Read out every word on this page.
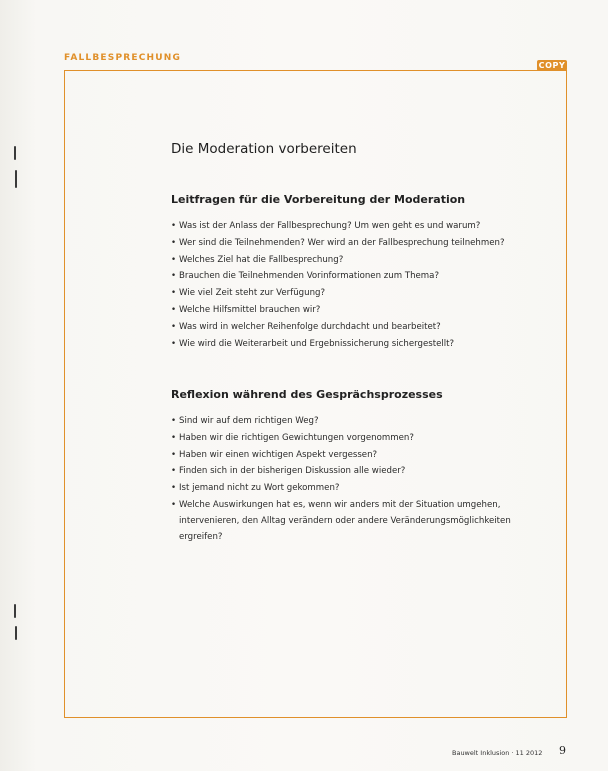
FALLBESPRECHUNG
COPY
Die Moderation vorbereiten
Leitfragen für die Vorbereitung der Moderation
• Was ist der Anlass der Fallbesprechung? Um wen geht es und warum?
• Wer sind die Teilnehmenden? Wer wird an der Fallbesprechung teilnehmen?
• Welches Ziel hat die Fallbesprechung?
• Brauchen die Teilnehmenden Vorinformationen zum Thema?
• Wie viel Zeit steht zur Verfügung?
• Welche Hilfsmittel brauchen wir?
• Was wird in welcher Reihenfolge durchdacht und bearbeitet?
• Wie wird die Weiterarbeit und Ergebnissicherung sichergestellt?
Reflexion während des Gesprächsprozesses
• Sind wir auf dem richtigen Weg?
• Haben wir die richtigen Gewichtungen vorgenommen?
• Haben wir einen wichtigen Aspekt vergessen?
• Finden sich in der bisherigen Diskussion alle wieder?
• Ist jemand nicht zu Wort gekommen?
• Welche Auswirkungen hat es, wenn wir anders mit der Situation umgehen, intervenieren, den Alltag verändern oder andere Veränderungsmöglichkeiten ergreifen?
Bauwelt Inklusion · 11 2012 9
